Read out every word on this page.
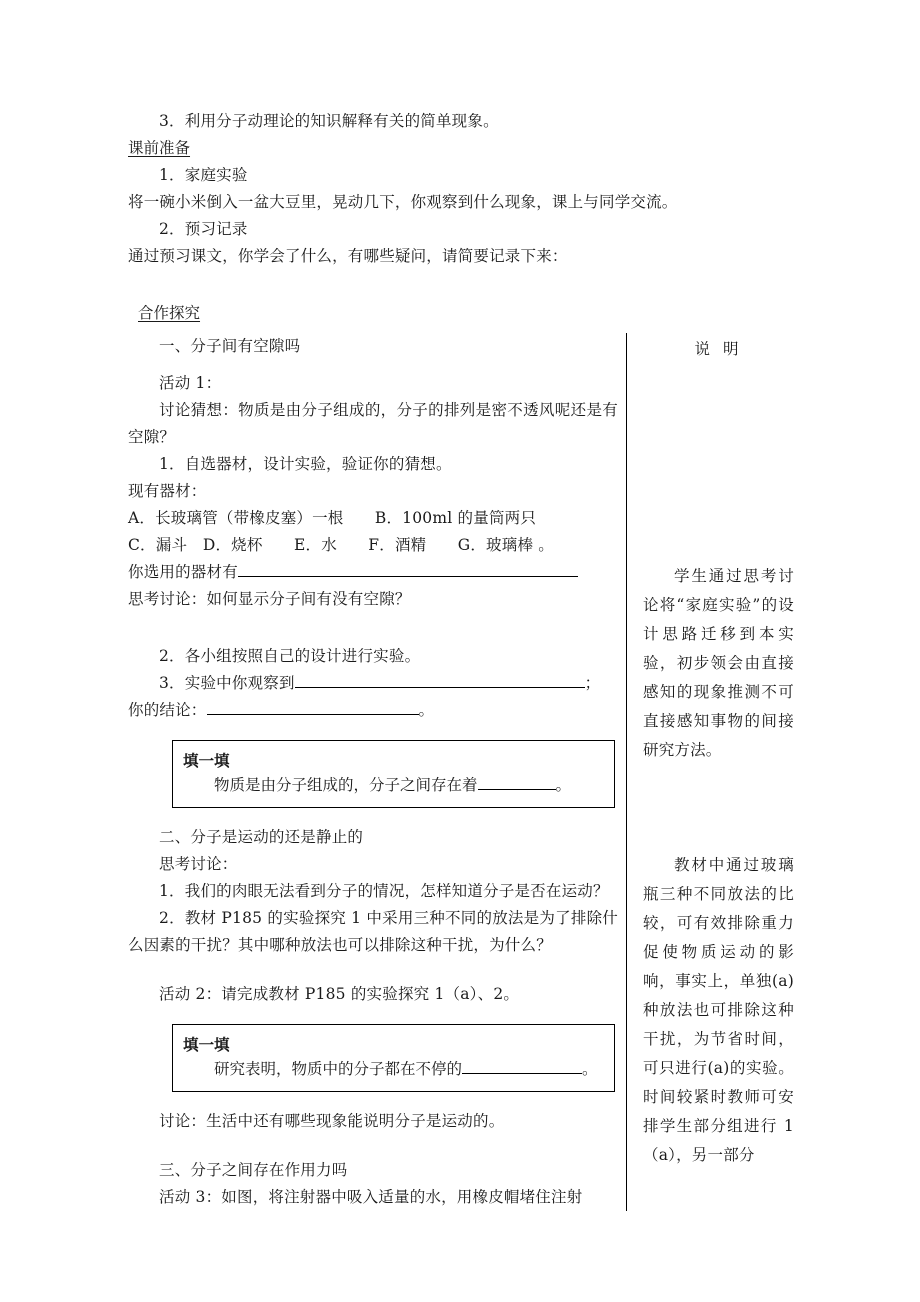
3．利用分子动理论的知识解释有关的简单现象。
课前准备
1．家庭实验
将一碗小米倒入一盆大豆里，晃动几下，你观察到什么现象，课上与同学交流。
2．预习记录
通过预习课文，你学会了什么，有哪些疑问，请简要记录下来：
合作探究
一、分子间有空隙吗
活动 1：
讨论猜想：物质是由分子组成的，分子的排列是密不透风呢还是有空隙？
1．自选器材，设计实验，验证你的猜想。
现有器材：
A．长玻璃管（带橡皮塞）一根　　B．100ml 的量筒两只
C．漏斗　D．烧杯　　E．水　　F．酒精　　G．玻璃棒 。
你选用的器材有
思考讨论：如何显示分子间有没有空隙？
2．各小组按照自己的设计进行实验。
3．实验中你观察到	；
你的结论：	。
填一填
物质是由分子组成的，分子之间存在着	。
二、分子是运动的还是静止的
思考讨论：
1．我们的肉眼无法看到分子的情况，怎样知道分子是否在运动？
2．教材 P185 的实验探究 1 中采用三种不同的放法是为了排除什么因素的干扰？其中哪种放法也可以排除这种干扰，为什么？
活动 2：请完成教材 P185 的实验探究 1（a）、2。
填一填
研究表明，物质中的分子都在不停的	。
讨论：生活中还有哪些现象能说明分子是运动的。
三、分子之间存在作用力吗
活动 3：如图，将注射器中吸入适量的水，用橡皮帽堵住注射
说 明
学生通过思考讨论将“家庭实验”的设计思路迁移到本实验，初步领会由直接感知的现象推测不可直接感知事物的间接研究方法。
教材中通过玻璃瓶三种不同放法的比较，可有效排除重力促使物质运动的影响，事实上，单独(a)种放法也可排除这种干扰，为节省时间，可只进行(a)的实验。时间较紧时教师可安排学生部分组进行 1（a），另一部分
